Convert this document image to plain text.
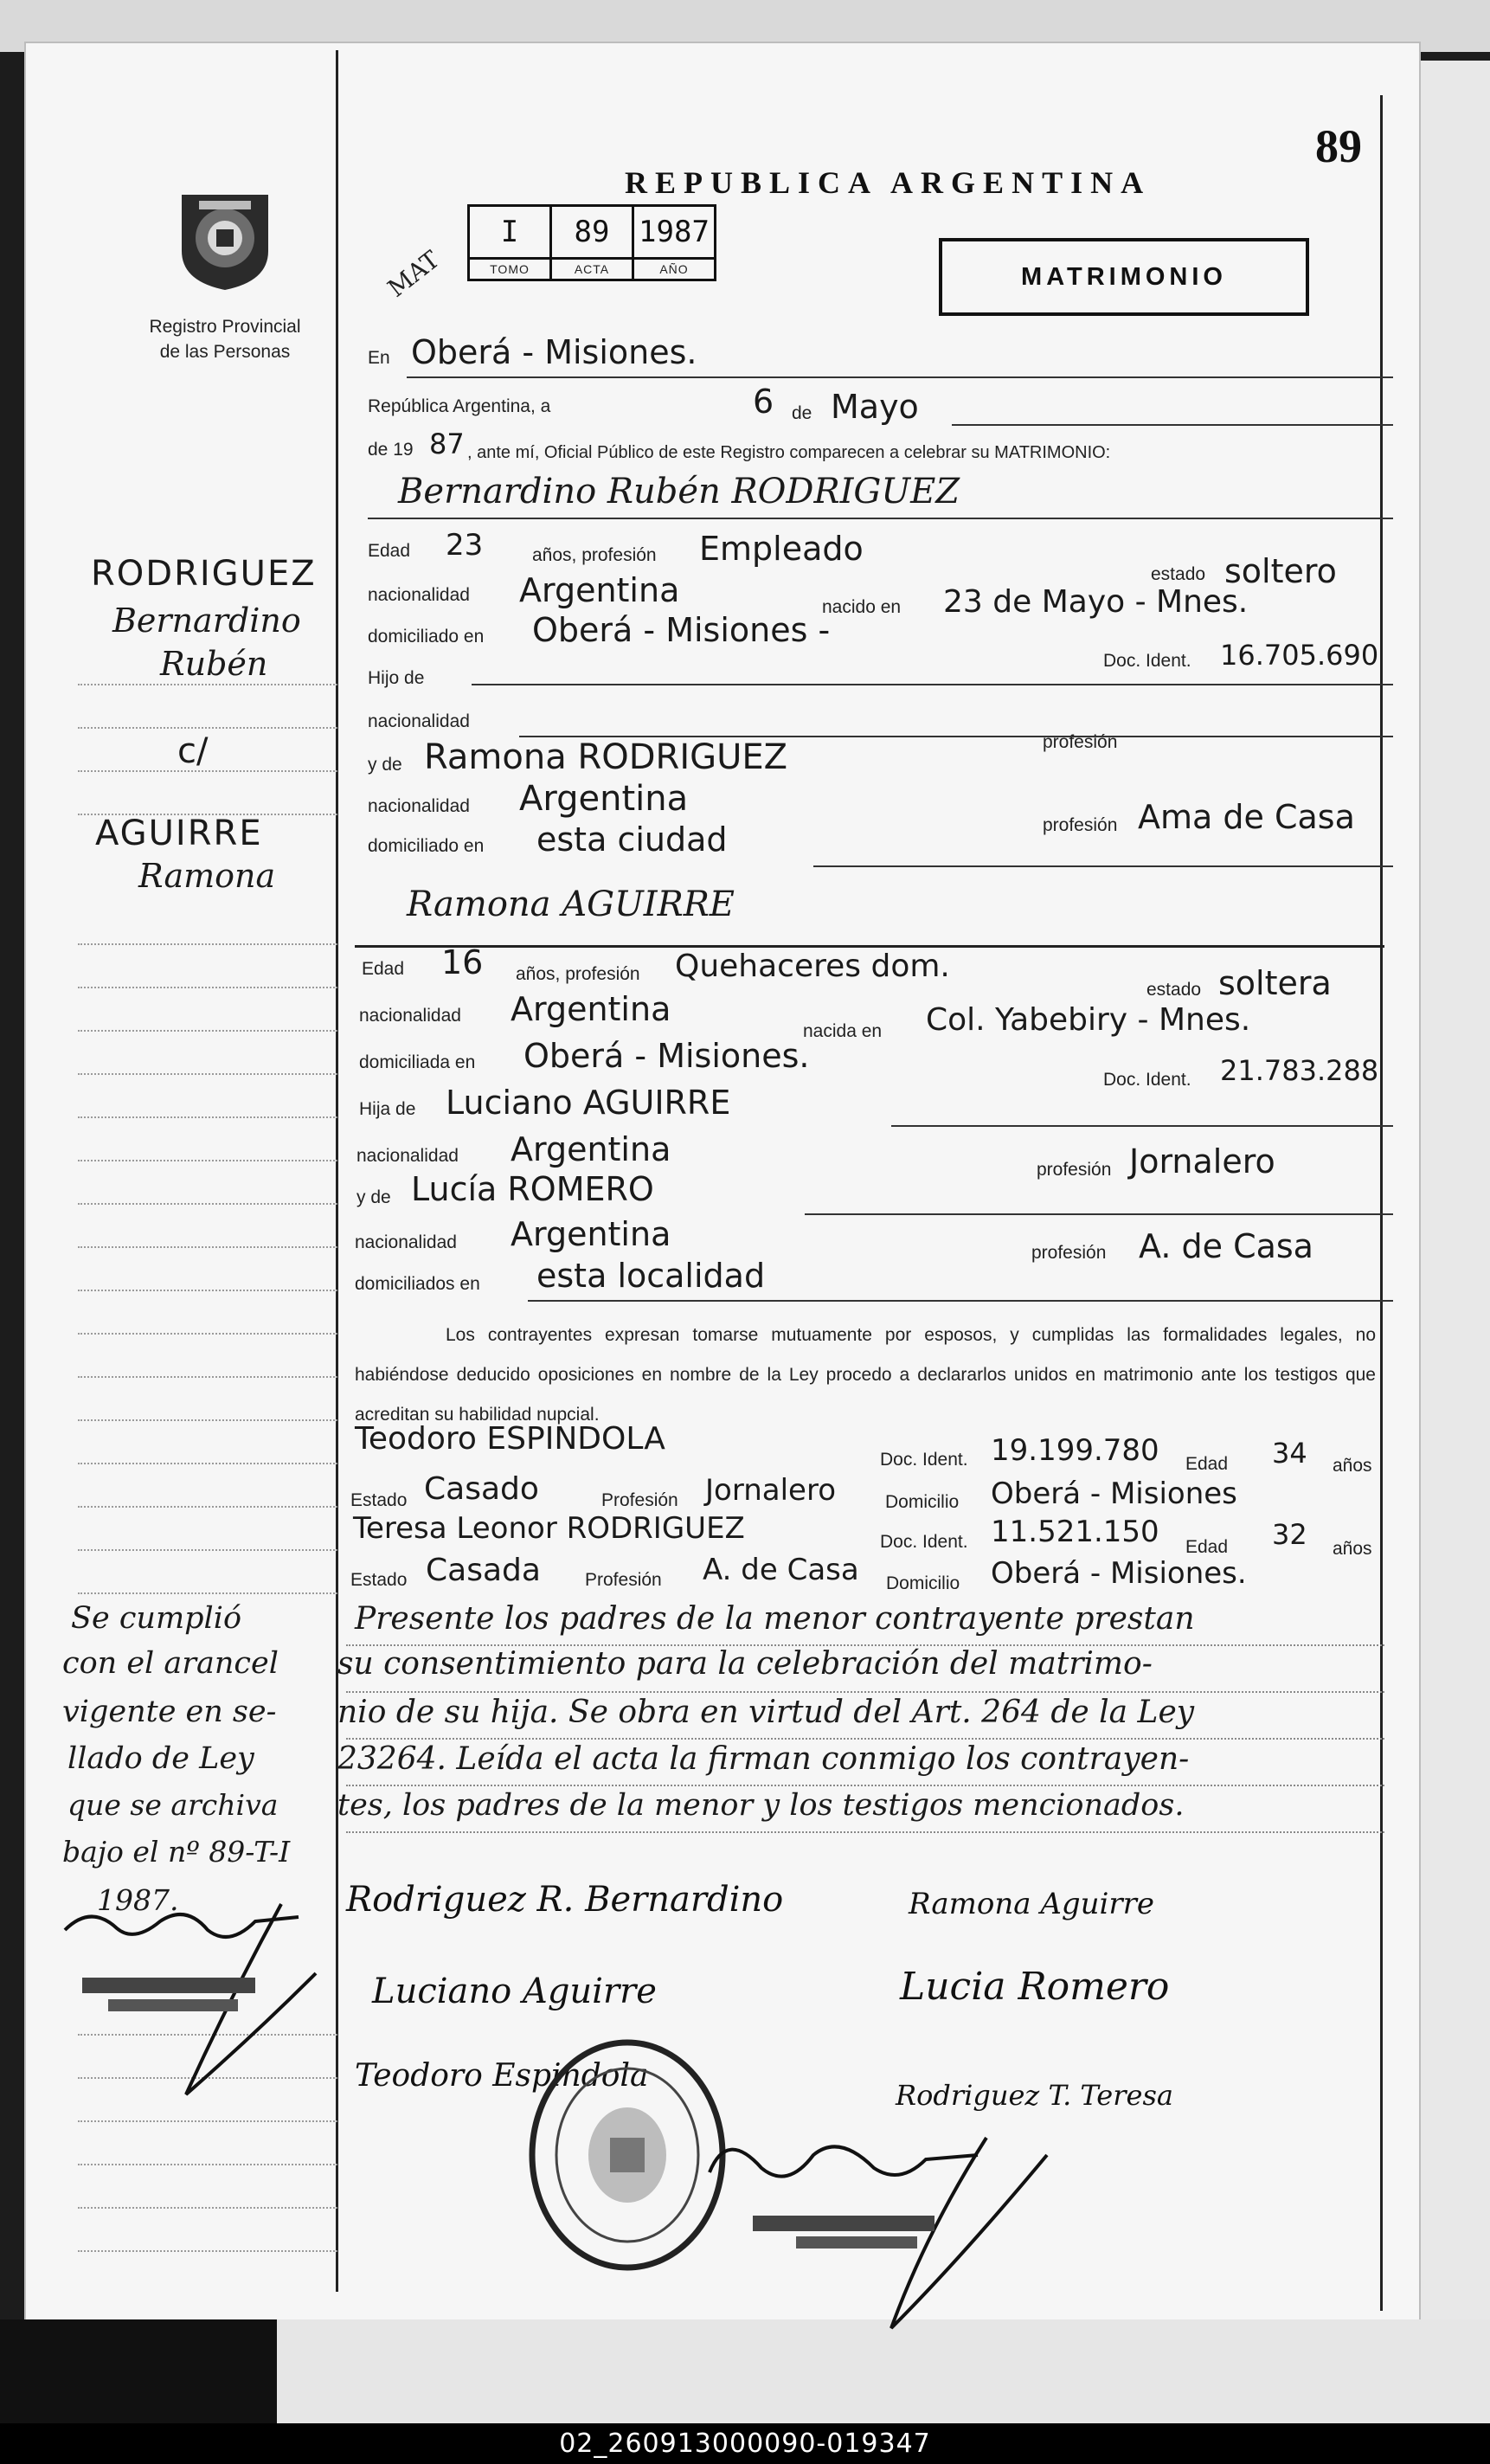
89
REPUBLICA ARGENTINA
Registro Provincial
de las Personas
MAT
I	89	1987
TOMO	ACTA	AÑO	MATRIMONIO
En Oberá - Misiones.
República Argentina, a	6 de Mayo
de 19 87 , ante mí, Oficial Público de este Registro comparecen a celebrar su MATRIMONIO:
Bernardino Rubén RODRIGUEZ
Edad 23	años, profesión Empleado
estado soltero
nacionalidad Argentina	nacido en 23 de Mayo - Mnes.
domiciliado en Oberá - Misiones -
Doc. Ident. 16.705.690
Hijo de
nacionalidad
profesión
y de Ramona RODRIGUEZ
nacionalidad Argentina
profesión Ama de Casa
domiciliado en esta ciudad
Ramona AGUIRRE
Edad 16 años, profesión Quehaceres dom.
estado soltera
nacionalidad Argentina
nacida en Col. Yabebiry - Mnes.
domiciliada en Oberá - Misiones.
Doc. Ident. 21.783.288
Hija de Luciano AGUIRRE
nacionalidad Argentina
profesión Jornalero
y de Lucía ROMERO
nacionalidad Argentina	profesión A. de Casa
domiciliados en esta localidad
Los contrayentes expresan tomarse mutuamente por esposos, y cumplidas las formalidades legales, no habiéndose deducido oposiciones en nombre de la Ley procedo a declararlos unidos en matrimonio ante los testigos que acreditan su habilidad nupcial.
Teodoro ESPINDOLA
Doc. Ident. 19.199.780 Edad 34 años
Estado Casado	Profesión Jornalero	Domicilio Oberá - Misiones
Teresa Leonor RODRIGUEZ	Doc. Ident. 11.521.150 Edad 32 años
Estado Casada Profesión A. de Casa Domicilio Oberá - Misiones.
Presente los padres de la menor contrayente prestan
su consentimiento para la celebración del matrimo-
nio de su hija. Se obra en virtud del Art. 264 de la Ley
23264. Leída el acta la firman conmigo los contrayen-
tes, los padres de la menor y los testigos mencionados.
RODRIGUEZ
Bernardino
Rubén
c/
AGUIRRE
Ramona
Se cumplió
con el arancel
vigente en se-
llado de Ley
que se archiva
bajo el nº 89-T-I
1987.	Rodriguez R. Bernardino	Ramona Aguirre
Luciano Aguirre	Lucia Romero
Teodoro Espindola
Rodriguez T. Teresa
02_260913000090-019347
